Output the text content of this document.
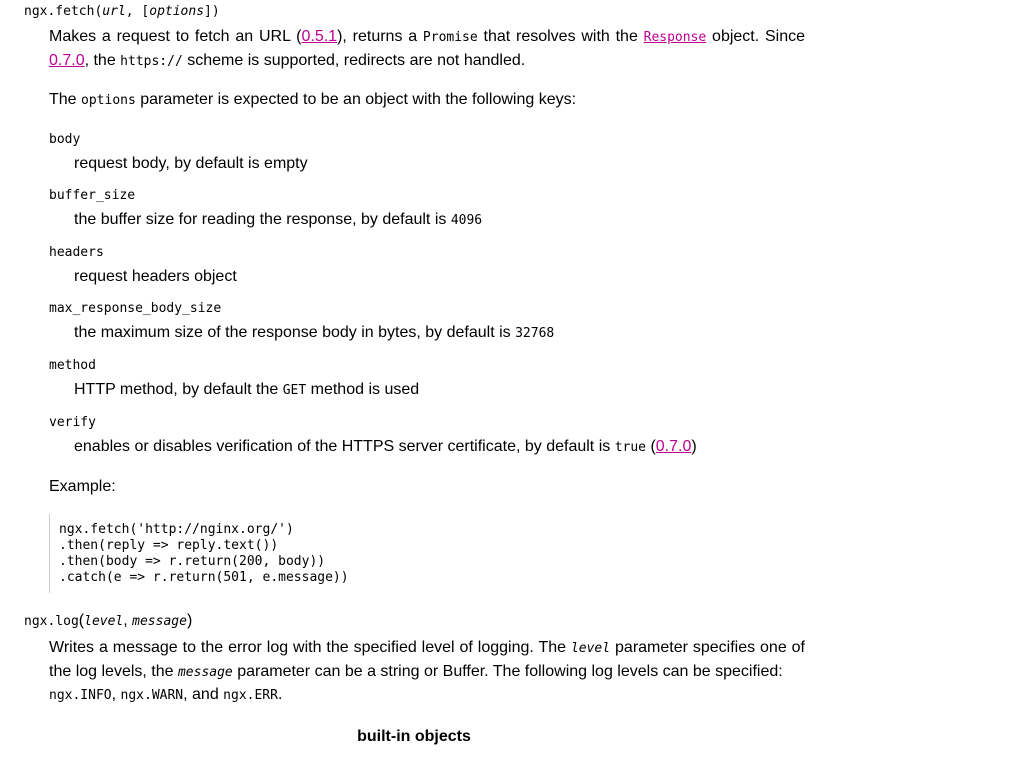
ngx.fetch(url, [options])

Makes a request to fetch an URL (0.5.1), returns a Promise that resolves with the Response object. Since 0.7.0, the https:// scheme is supported, redirects are not handled.

The options parameter is expected to be an object with the following keys:

body
request body, by default is empty
buffer_size
the buffer size for reading the response, by default is 4096
headers
request headers object
max_response_body_size
the maximum size of the response body in bytes, by default is 32768
method
HTTP method, by default the GET method is used
verify
enables or disables verification of the HTTPS server certificate, by default is true (0.7.0)

Example:

ngx.fetch('http://nginx.org/')
.then(reply => reply.text())
.then(body => r.return(200, body))
.catch(e => r.return(501, e.message))
ngx.log(level, message)

Writes a message to the error log with the specified level of logging. The level parameter specifies one of the log levels, the message parameter can be a string or Buffer. The following log levels can be specified:

ngx.INFO, ngx.WARN, and ngx.ERR.
built-in objects
